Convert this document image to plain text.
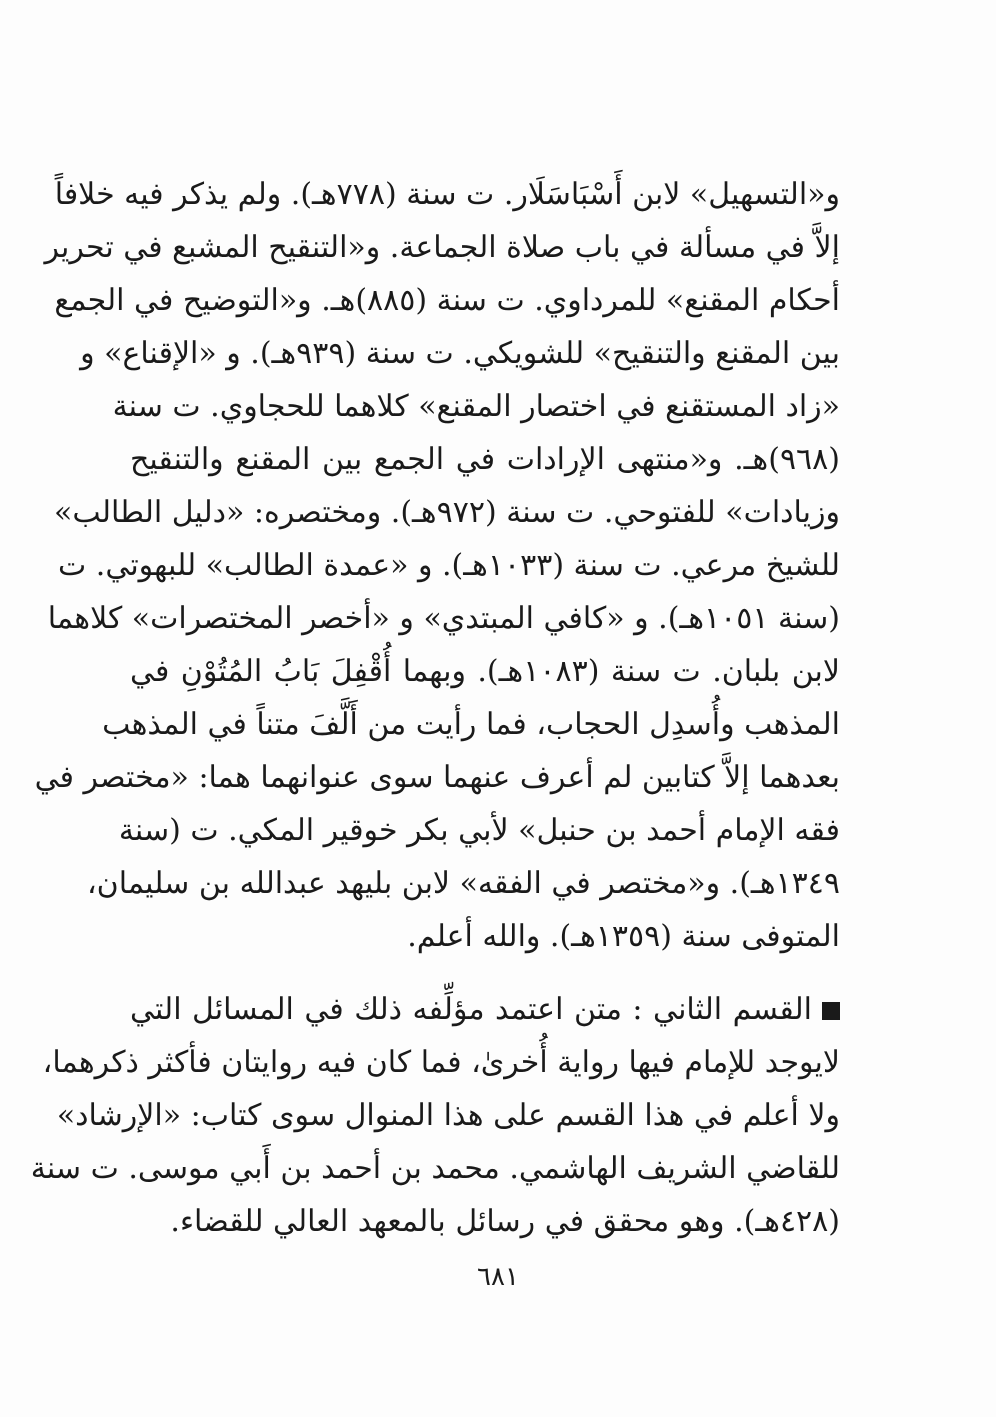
و«التسهيل» لابن أَسْبَاسَلَار. ت سنة (٧٧٨هـ). ولم يذكر فيه خلافاً
إلاَّ في مسألة في باب صلاة الجماعة. و«التنقيح المشبع في تحرير
أحكام المقنع» للمرداوي. ت سنة (٨٨٥)هـ. و«التوضيح في الجمع
بين المقنع والتنقيح» للشويكي. ت سنة (٩٣٩هـ). و «الإقناع» و
«زاد المستقنع في اختصار المقنع» كلاهما للحجاوي. ت سنة
(٩٦٨)هـ. و«منتهى الإرادات في الجمع بين المقنع والتنقيح
وزيادات» للفتوحي. ت سنة (٩٧٢هـ). ومختصره: «دليل الطالب»
للشيخ مرعي. ت سنة (١٠٣٣هـ). و «عمدة الطالب» للبهوتي. ت
(سنة ١٠٥١هـ). و «كافي المبتدي» و «أخصر المختصرات» كلاهما
لابن بلبان. ت سنة (١٠٨٣هـ). وبهما أُقْفِلَ بَابُ المُتُوْنِ في
المذهب وأُسدِل الحجاب، فما رأيت من أَلَّفَ متناً في المذهب
بعدهما إلاَّ كتابين لم أعرف عنهما سوى عنوانهما هما: «مختصر في
فقه الإمام أحمد بن حنبل» لأبي بكر خوقير المكي. ت (سنة
١٣٤٩هـ). و«مختصر في الفقه» لابن بليهد عبدالله بن سليمان،
المتوفى سنة (١٣٥٩هـ). والله أعلم.
القسم الثاني : متن اعتمد مؤلِّفه ذلك في المسائل التي
لايوجد للإمام فيها رواية أُخرىٰ، فما كان فيه روايتان فأكثر ذكرهما،
ولا أعلم في هذا القسم على هذا المنوال سوى كتاب: «الإرشاد»
للقاضي الشريف الهاشمي. محمد بن أحمد بن أَبي موسى. ت سنة
(٤٢٨هـ). وهو محقق في رسائل بالمعهد العالي للقضاء.
٦٨١
